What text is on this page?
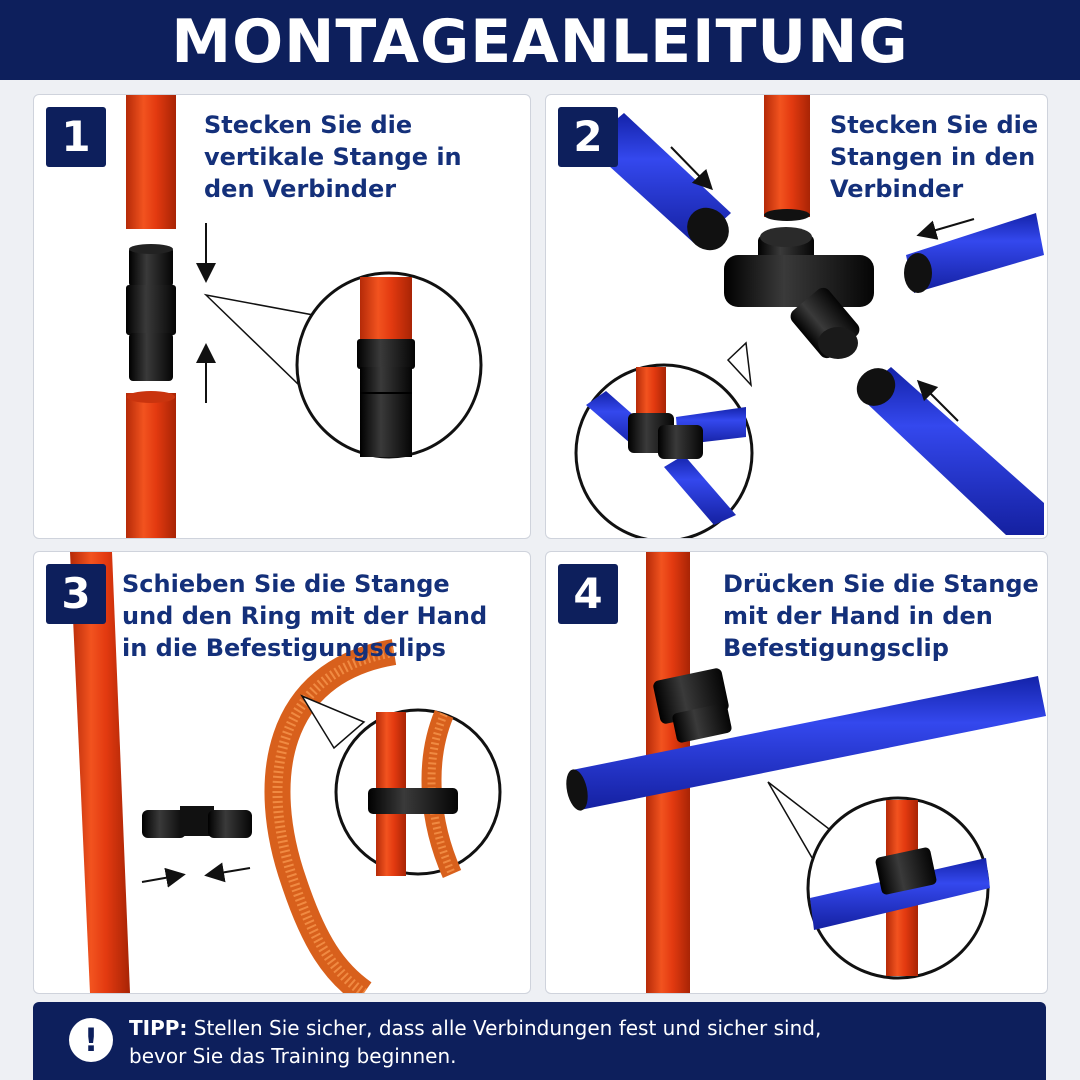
MONTAGEANLEITUNG
1	Stecken Sie die
vertikale Stange in
den Verbinder
2	Stecken Sie die
Stangen in den
Verbinder
3	Schieben Sie die Stange
und den Ring mit der Hand
in die Befestigungsclips
4	Drücken Sie die Stange
mit der Hand in den
Befestigungsclip
!	TIPP: Stellen Sie sicher, dass alle Verbindungen fest und sicher sind,
bevor Sie das Training beginnen.
